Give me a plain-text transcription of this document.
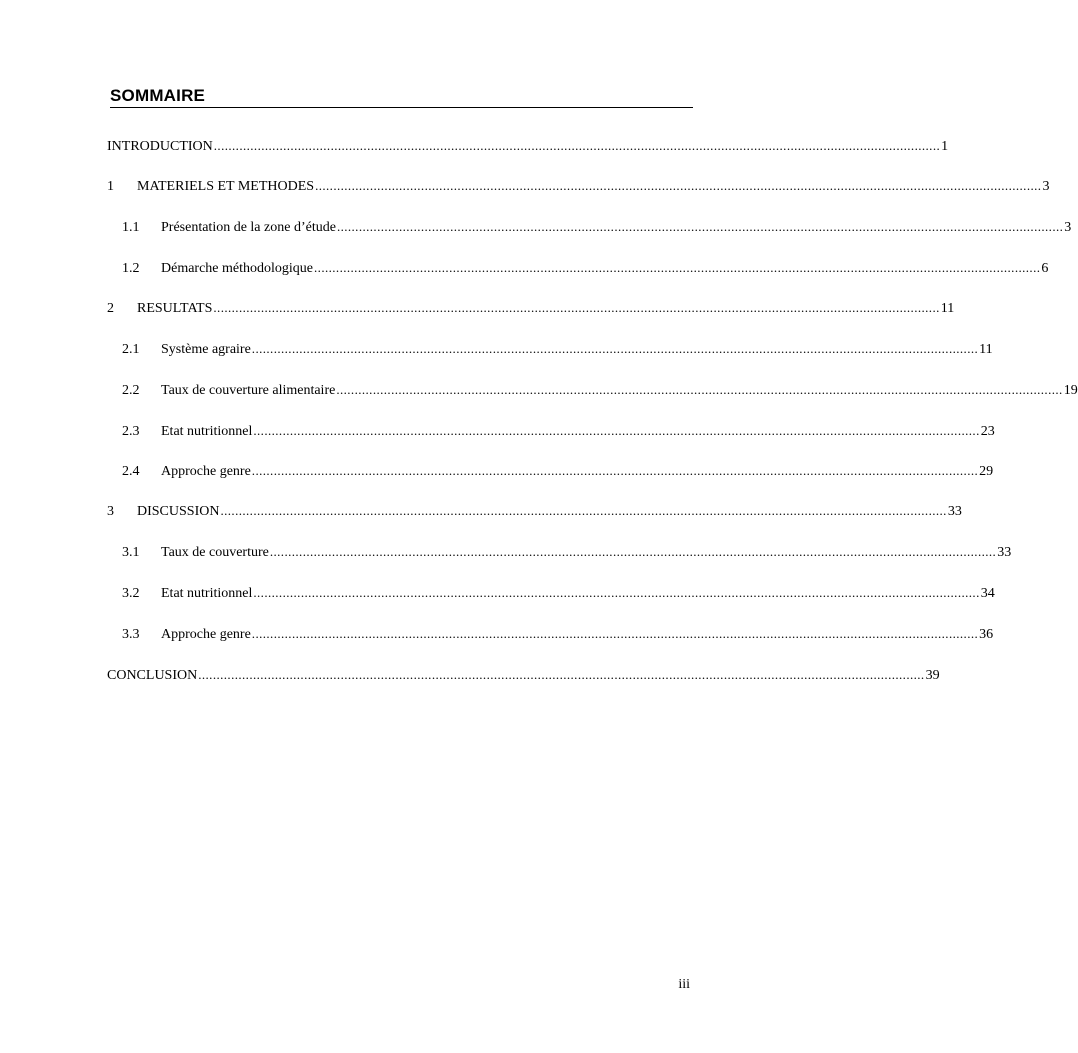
SOMMAIRE
INTRODUCTION ....................................................................................................................................................................................................... 1
1	MATERIELS ET METHODES ....................................................................................................................................................................................................... 3
1.1	Présentation de la zone d’étude ....................................................................................................................................................................................................... 3
1.2	Démarche méthodologique ....................................................................................................................................................................................................... 6
2	RESULTATS ....................................................................................................................................................................................................... 11
2.1	Système agraire ....................................................................................................................................................................................................... 11
2.2	Taux de couverture alimentaire ....................................................................................................................................................................................................... 19
2.3	Etat nutritionnel ....................................................................................................................................................................................................... 23
2.4	Approche genre ....................................................................................................................................................................................................... 29
3	DISCUSSION ....................................................................................................................................................................................................... 33
3.1	Taux de couverture ....................................................................................................................................................................................................... 33
3.2	Etat nutritionnel ....................................................................................................................................................................................................... 34
3.3	Approche genre ....................................................................................................................................................................................................... 36
CONCLUSION ....................................................................................................................................................................................................... 39
iii
